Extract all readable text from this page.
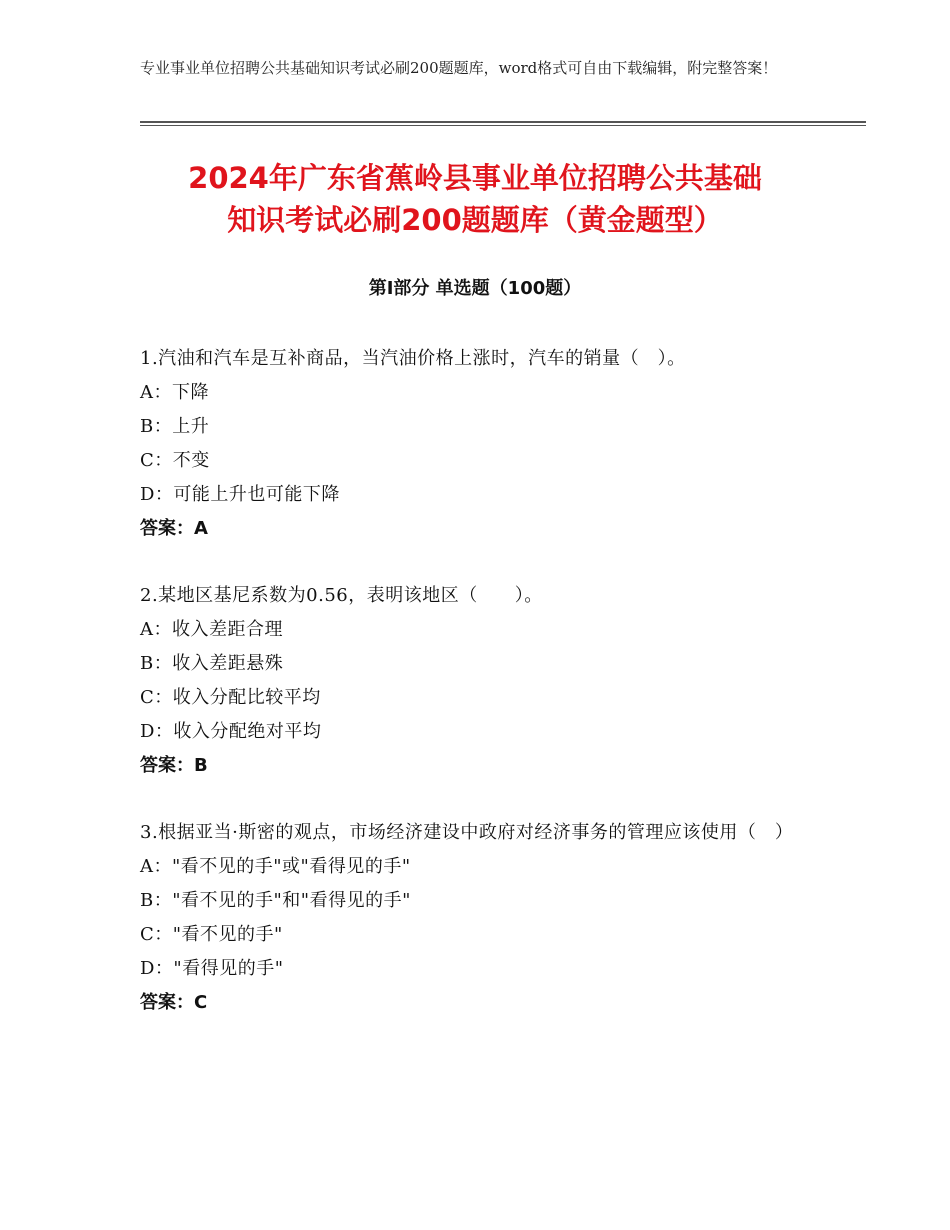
专业事业单位招聘公共基础知识考试必刷200题题库，word格式可自由下载编辑，附完整答案！
2024年广东省蕉岭县事业单位招聘公共基础
知识考试必刷200题题库（黄金题型）
第Ⅰ部分 单选题（100题）
1.汽油和汽车是互补商品，当汽油价格上涨时，汽车的销量（　）。
A：下降
B：上升
C：不变
D：可能上升也可能下降
答案：A
2.某地区基尼系数为0.56，表明该地区（　　）。
A：收入差距合理
B：收入差距悬殊
C：收入分配比较平均
D：收入分配绝对平均
答案：B
3.根据亚当·斯密的观点，市场经济建设中政府对经济事务的管理应该使用（　）
A："看不见的手"或"看得见的手"
B："看不见的手"和"看得见的手"
C："看不见的手"
D："看得见的手"
答案：C
